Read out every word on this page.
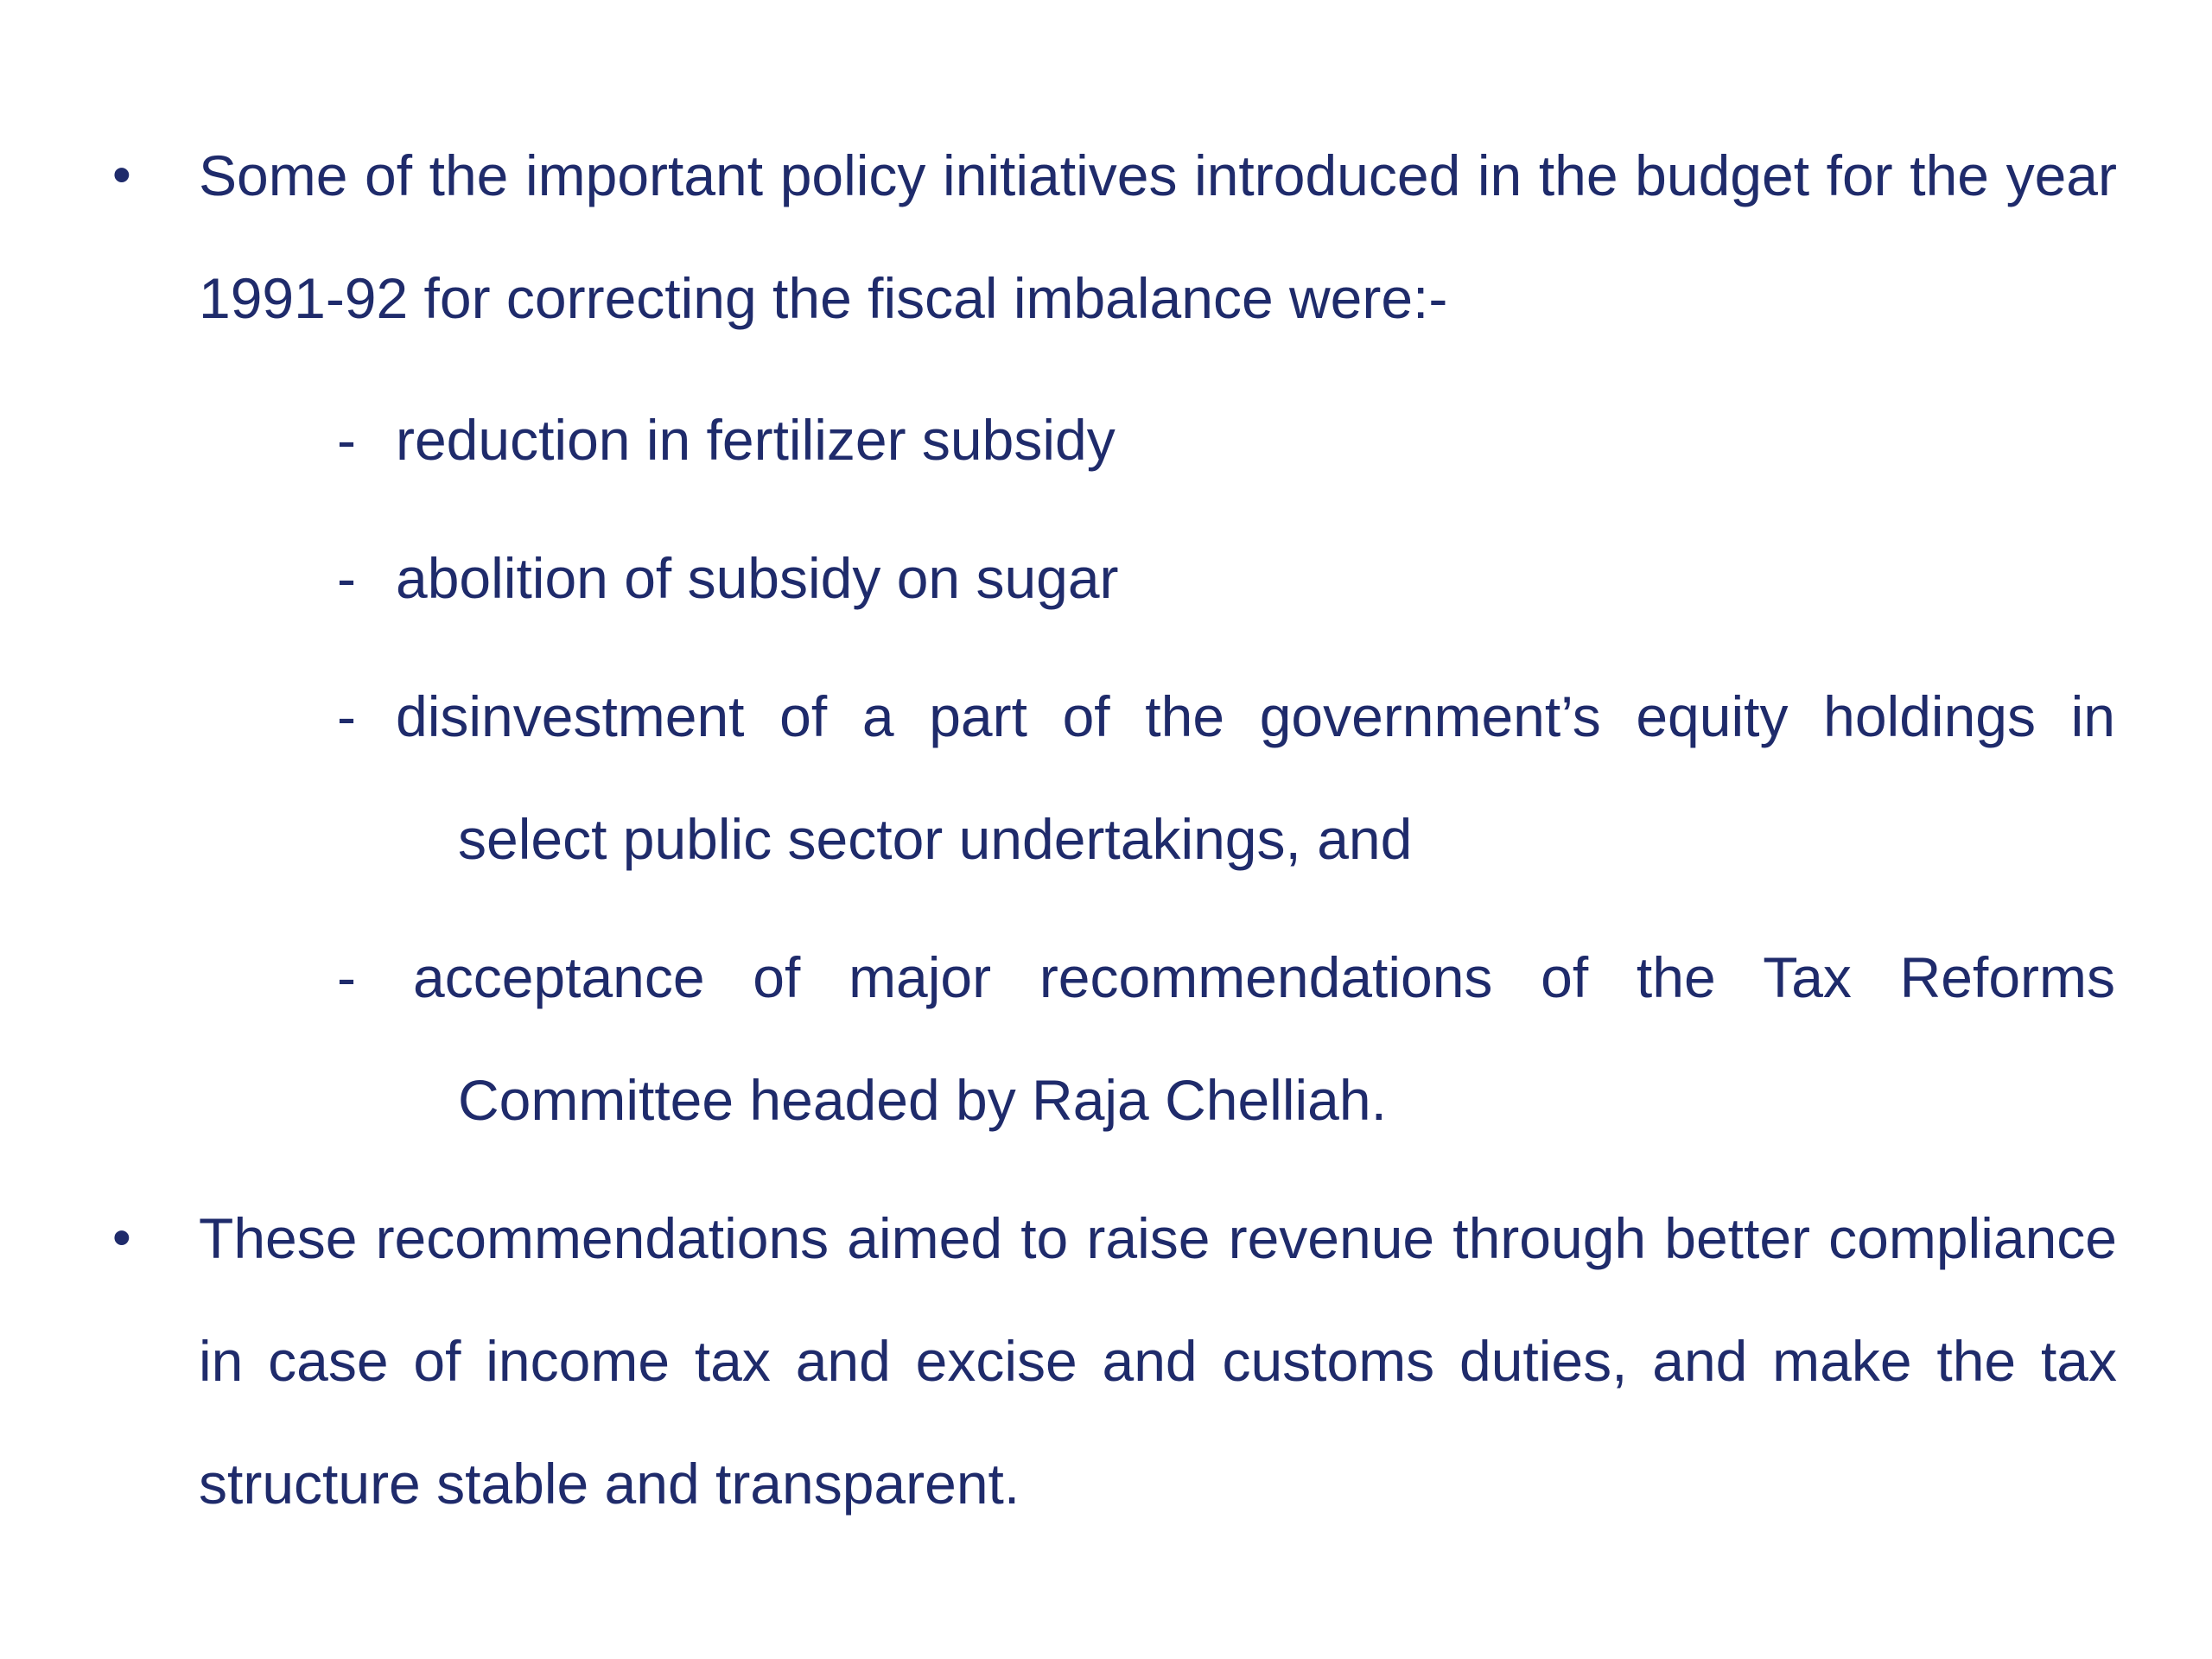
•	Some of the important policy initiatives introduced in the budget for the year 1991-92 for correcting the fiscal imbalance were:-
- reduction in fertilizer subsidy
- abolition of subsidy on sugar
- disinvestment of a part of the government’s equity holdings in
select public sector undertakings, and
-	acceptance of major recommendations of the Tax Reforms
Committee headed by Raja Chelliah.
•	These recommendations aimed to raise revenue through better compliance in case of income tax and excise and customs duties, and make the tax structure stable and transparent.
